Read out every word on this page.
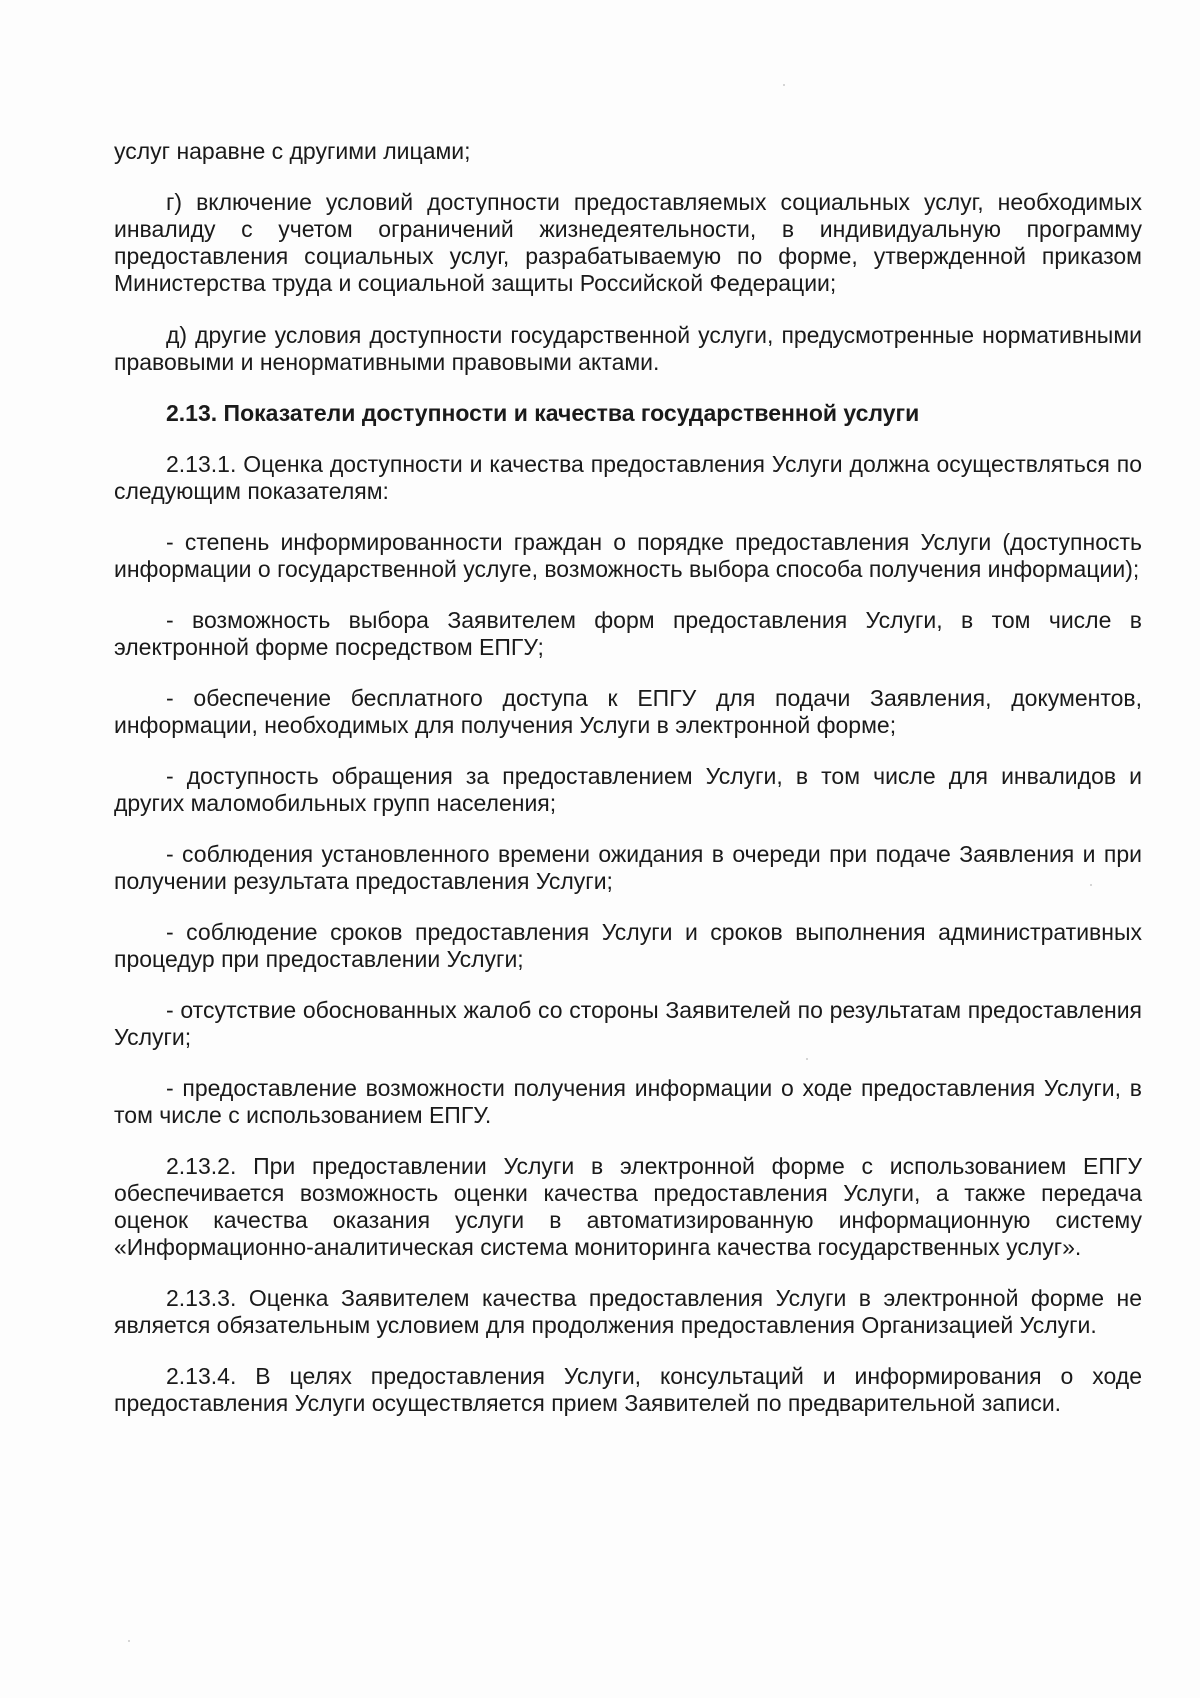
услуг наравне с другими лицами;

г) включение условий доступности предоставляемых социальных услуг, необходимых инвалиду с учетом ограничений жизнедеятельности, в индивидуальную программу предоставления социальных услуг, разрабатываемую по форме, утвержденной приказом Министерства труда и социальной защиты Российской Федерации;

д) другие условия доступности государственной услуги, предусмотренные нормативными правовыми и ненормативными правовыми актами.

2.13. Показатели доступности и качества государственной услуги

2.13.1. Оценка доступности и качества предоставления Услуги должна осуществляться по следующим показателям:

- степень информированности граждан о порядке предоставления Услуги (доступность информации о государственной услуге, возможность выбора способа получения информации);

- возможность выбора Заявителем форм предоставления Услуги, в том числе в электронной форме посредством ЕПГУ;

- обеспечение бесплатного доступа к ЕПГУ для подачи Заявления, документов, информации, необходимых для получения Услуги в электронной форме;

- доступность обращения за предоставлением Услуги, в том числе для инвалидов и других маломобильных групп населения;

- соблюдения установленного времени ожидания в очереди при подаче Заявления и при получении результата предоставления Услуги;

- соблюдение сроков предоставления Услуги и сроков выполнения административных процедур при предоставлении Услуги;

- отсутствие обоснованных жалоб со стороны Заявителей по результатам предоставления Услуги;

- предоставление возможности получения информации о ходе предоставления Услуги, в том числе с использованием ЕПГУ.

2.13.2. При предоставлении Услуги в электронной форме с использованием ЕПГУ обеспечивается возможность оценки качества предоставления Услуги, а также передача оценок качества оказания услуги в автоматизированную информационную систему «Информационно-аналитическая система мониторинга качества государственных услуг».

2.13.3. Оценка Заявителем качества предоставления Услуги в электронной форме не является обязательным условием для продолжения предоставления Организацией Услуги.

2.13.4. В целях предоставления Услуги, консультаций и информирования о ходе предоставления Услуги осуществляется прием Заявителей по предварительной записи.
